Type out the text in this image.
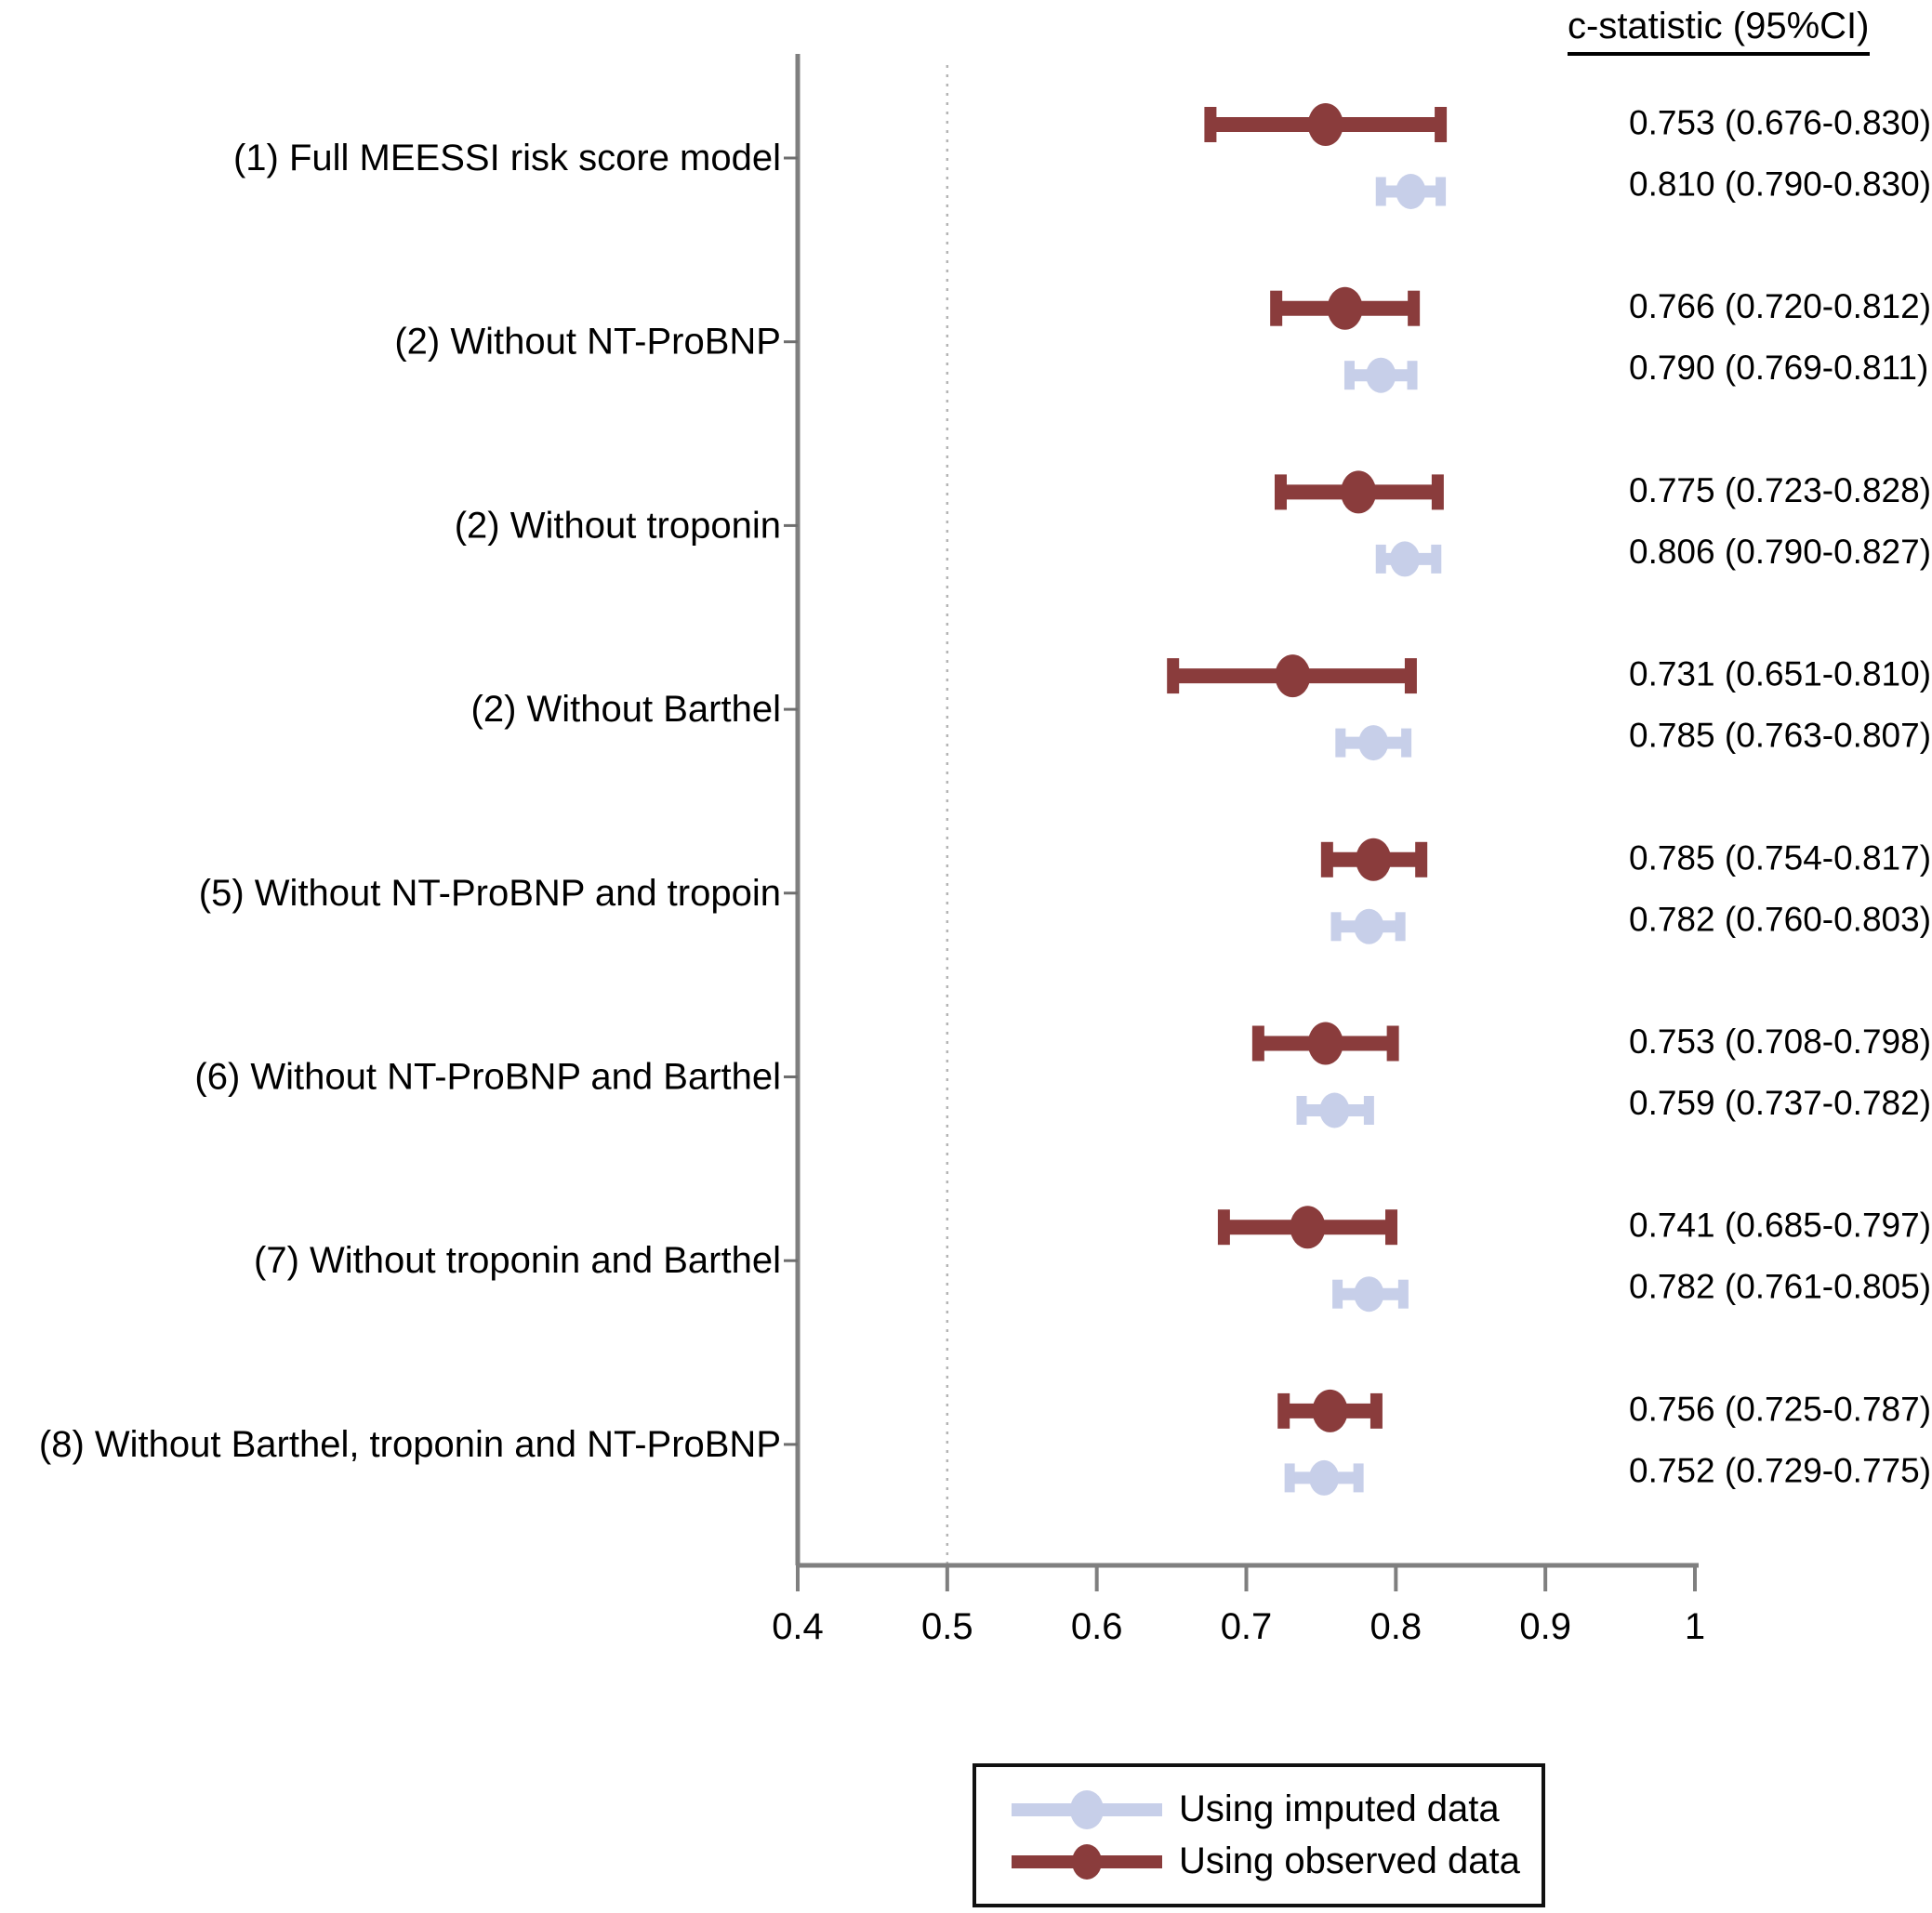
0.4	0.5	0.6	0.7	0.8	0.9	1
(1) Full MEESSI risk score model
0.753 (0.676-0.830)
0.810 (0.790-0.830)
(2) Without NT-ProBNP
0.766 (0.720-0.812)
0.790 (0.769-0.811)
(2) Without troponin
0.775 (0.723-0.828)
0.806 (0.790-0.827)
(2) Without Barthel
0.731 (0.651-0.810)
0.785 (0.763-0.807)
(5) Without NT-ProBNP and tropoin
0.785 (0.754-0.817)
0.782 (0.760-0.803)
(6) Without NT-ProBNP and Barthel
0.753 (0.708-0.798)
0.759 (0.737-0.782)
(7) Without troponin and Barthel
0.741 (0.685-0.797)
0.782 (0.761-0.805)
(8) Without Barthel, troponin and NT-ProBNP
0.756 (0.725-0.787)
0.752 (0.729-0.775)
c-statistic (95%CI)
Using imputed data
Using observed data
